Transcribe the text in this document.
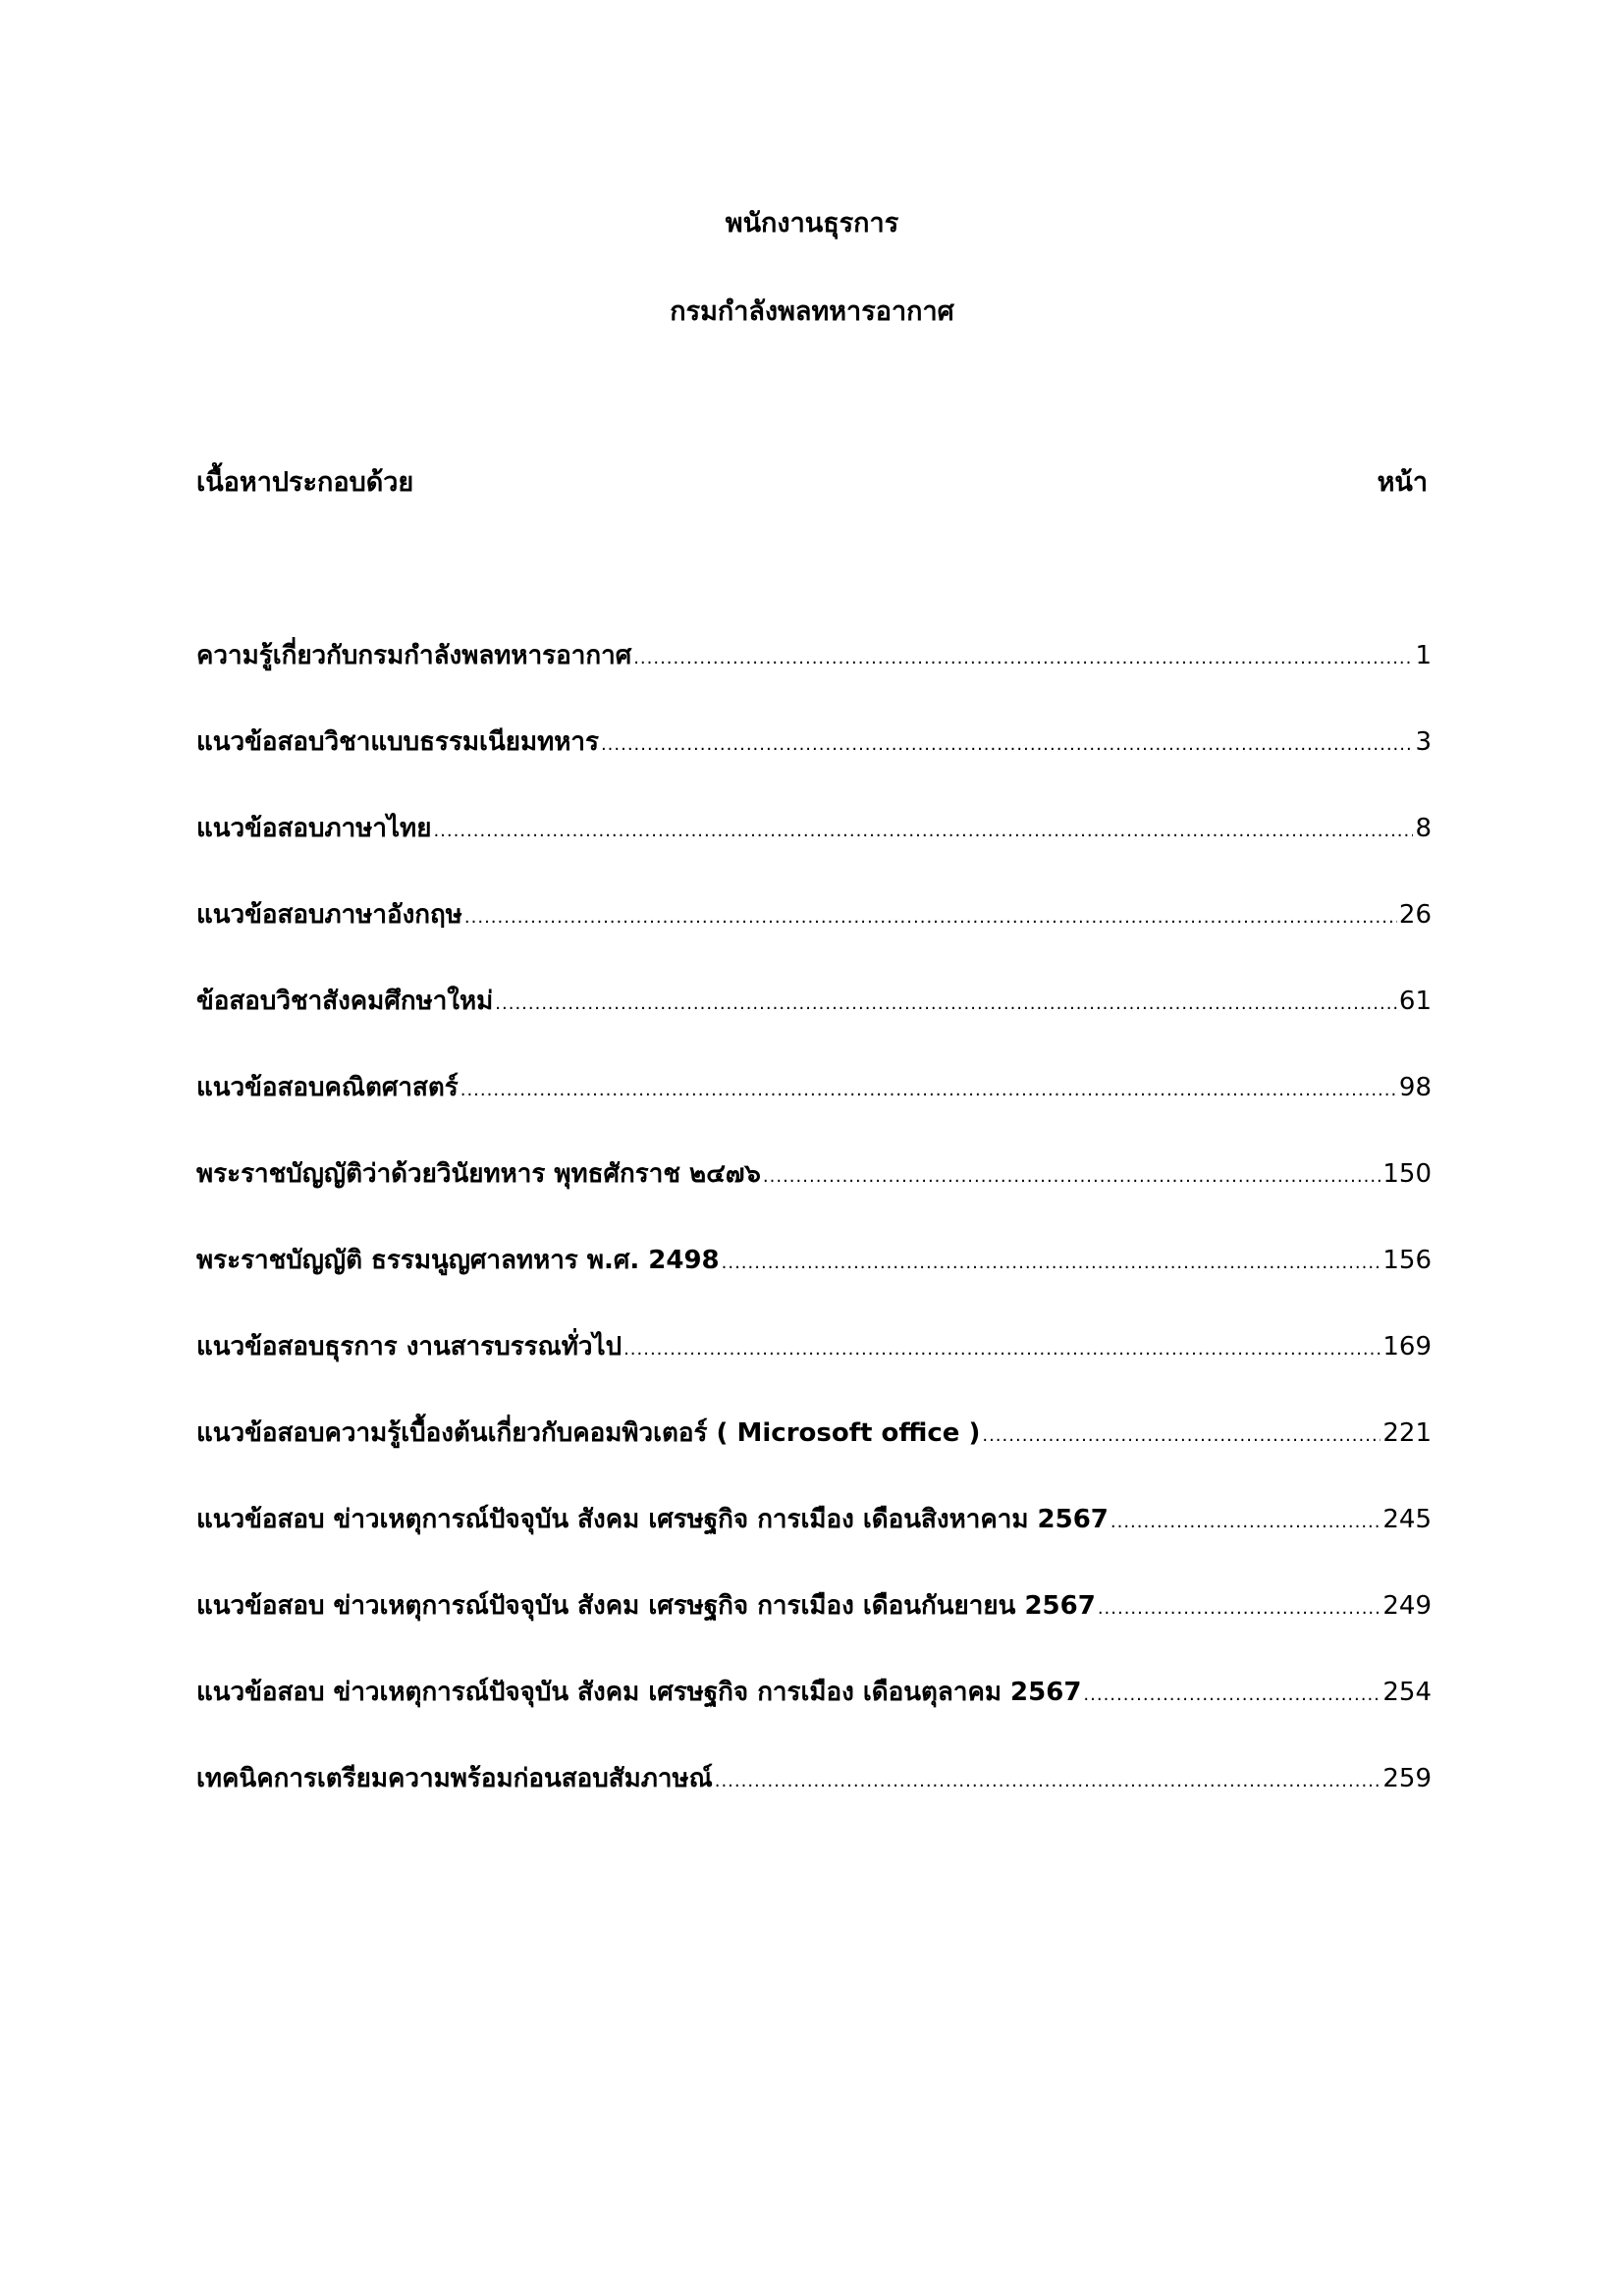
พนักงานธุรการ
กรมกำลังพลทหารอากาศ
เนื้อหาประกอบด้วย	หน้า
ความรู้เกี่ยวกับกรมกำลังพลทหารอากาศ .....	1
แนวข้อสอบวิชาแบบธรรมเนียมทหาร .....	3
แนวข้อสอบภาษาไทย .....	8
แนวข้อสอบภาษาอังกฤษ .....	26
ข้อสอบวิชาสังคมศึกษาใหม่ .....	61
แนวข้อสอบคณิตศาสตร์ .....	98
พระราชบัญญัติว่าด้วยวินัยทหาร พุทธศักราช ๒๔๗๖ .....	150
พระราชบัญญัติ ธรรมนูญศาลทหาร พ.ศ. 2498 .....	156
แนวข้อสอบธุรการ งานสารบรรณทั่วไป .....	169
แนวข้อสอบความรู้เบื้องต้นเกี่ยวกับคอมพิวเตอร์ ( Microsoft office ) .....	221
แนวข้อสอบ ข่าวเหตุการณ์ปัจจุบัน สังคม เศรษฐกิจ การเมือง เดือนสิงหาคาม 2567 .....	245
แนวข้อสอบ ข่าวเหตุการณ์ปัจจุบัน สังคม เศรษฐกิจ การเมือง เดือนกันยายน 2567 .....	249
แนวข้อสอบ ข่าวเหตุการณ์ปัจจุบัน สังคม เศรษฐกิจ การเมือง เดือนตุลาคม 2567 .....	254
เทคนิคการเตรียมความพร้อมก่อนสอบสัมภาษณ์ .....	259
